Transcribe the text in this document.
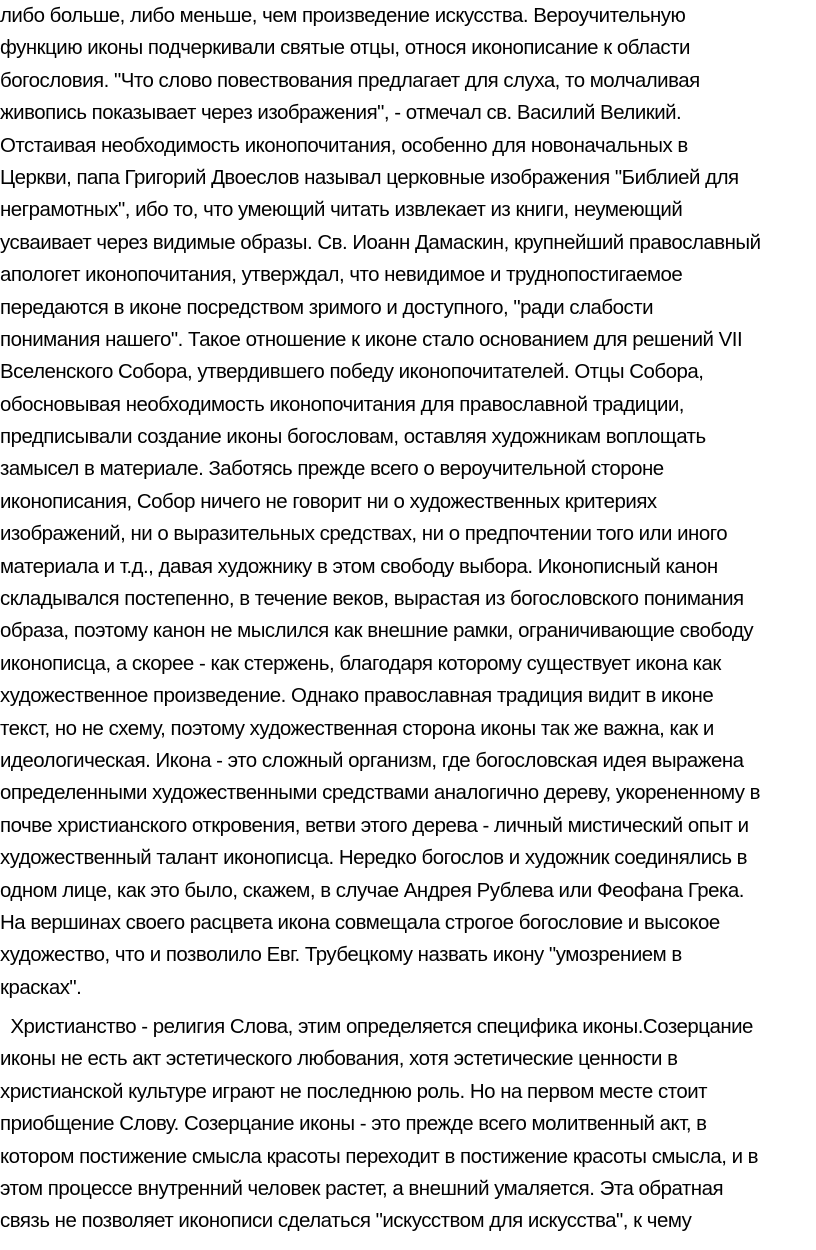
либо больше, либо меньше, чем произведение искусства. Вероучительную
функцию иконы подчеркивали святые отцы, относя иконописание к области
богословия. "Что слово повествования предлагает для слуха, то молчаливая
живопись показывает через изображения", - отмечал св. Василий Великий.
Отстаивая необходимость иконопочитания, особенно для новоначальных в
Церкви, папа Григорий Двоеслов называл церковные изображения "Библией для
неграмотных", ибо то, что умеющий читать извлекает из книги, неумеющий
усваивает через видимые образы. Св. Иоанн Дамаскин, крупнейший православный
апологет иконопочитания, утверждал, что невидимое и труднопостигаемое
передаются в иконе посредством зримого и доступного, "ради слабости
понимания нашего". Такое отношение к иконе стало основанием для решений VII
Вселенского Собора, утвердившего победу иконопочитателей. Отцы Собора,
обосновывая необходимость иконопочитания для православной традиции,
предписывали создание иконы богословам, оставляя художникам воплощать
замысел в материале. Заботясь прежде всего о вероучительной стороне
иконописания, Собор ничего не говорит ни о художественных критериях
изображений, ни о выразительных средствах, ни о предпочтении того или иного
материала и т.д., давая художнику в этом свободу выбора. Иконописный канон
складывался постепенно, в течение веков, вырастая из богословского понимания
образа, поэтому канон не мыслился как внешние рамки, ограничивающие свободу
иконописца, а скорее - как стержень, благодаря которому существует икона как
художественное произведение. Однако православная традиция видит в иконе
текст, но не схему, поэтому художественная сторона иконы так же важна, как и
идеологическая. Икона - это сложный организм, где богословская идея выражена
определенными художественными средствами аналогично дереву, укорененному в
почве христианского откровения, ветви этого дерева - личный мистический опыт и
художественный талант иконописца. Нередко богослов и художник соединялись в
одном лице, как это было, скажем, в случае Андрея Рублева или Феофана Грека.
На вершинах своего расцвета икона совмещала строгое богословие и высокое
художество, что и позволило Евг. Трубецкому назвать икону "умозрением в
красках".

Христианство - религия Слова, этим определяется специфика иконы.Созерцание
иконы не есть акт эстетического любования, хотя эстетические ценности в
христианской культуре играют не последнюю роль. Но на первом месте стоит
приобщение Слову. Созерцание иконы - это прежде всего молитвенный акт, в
котором постижение смысла красоты переходит в постижение красоты смысла, и в
этом процессе внутренний человек растет, а внешний умаляется. Эта обратная
связь не позволяет иконописи сделаться "искусством для искусства", к чему
